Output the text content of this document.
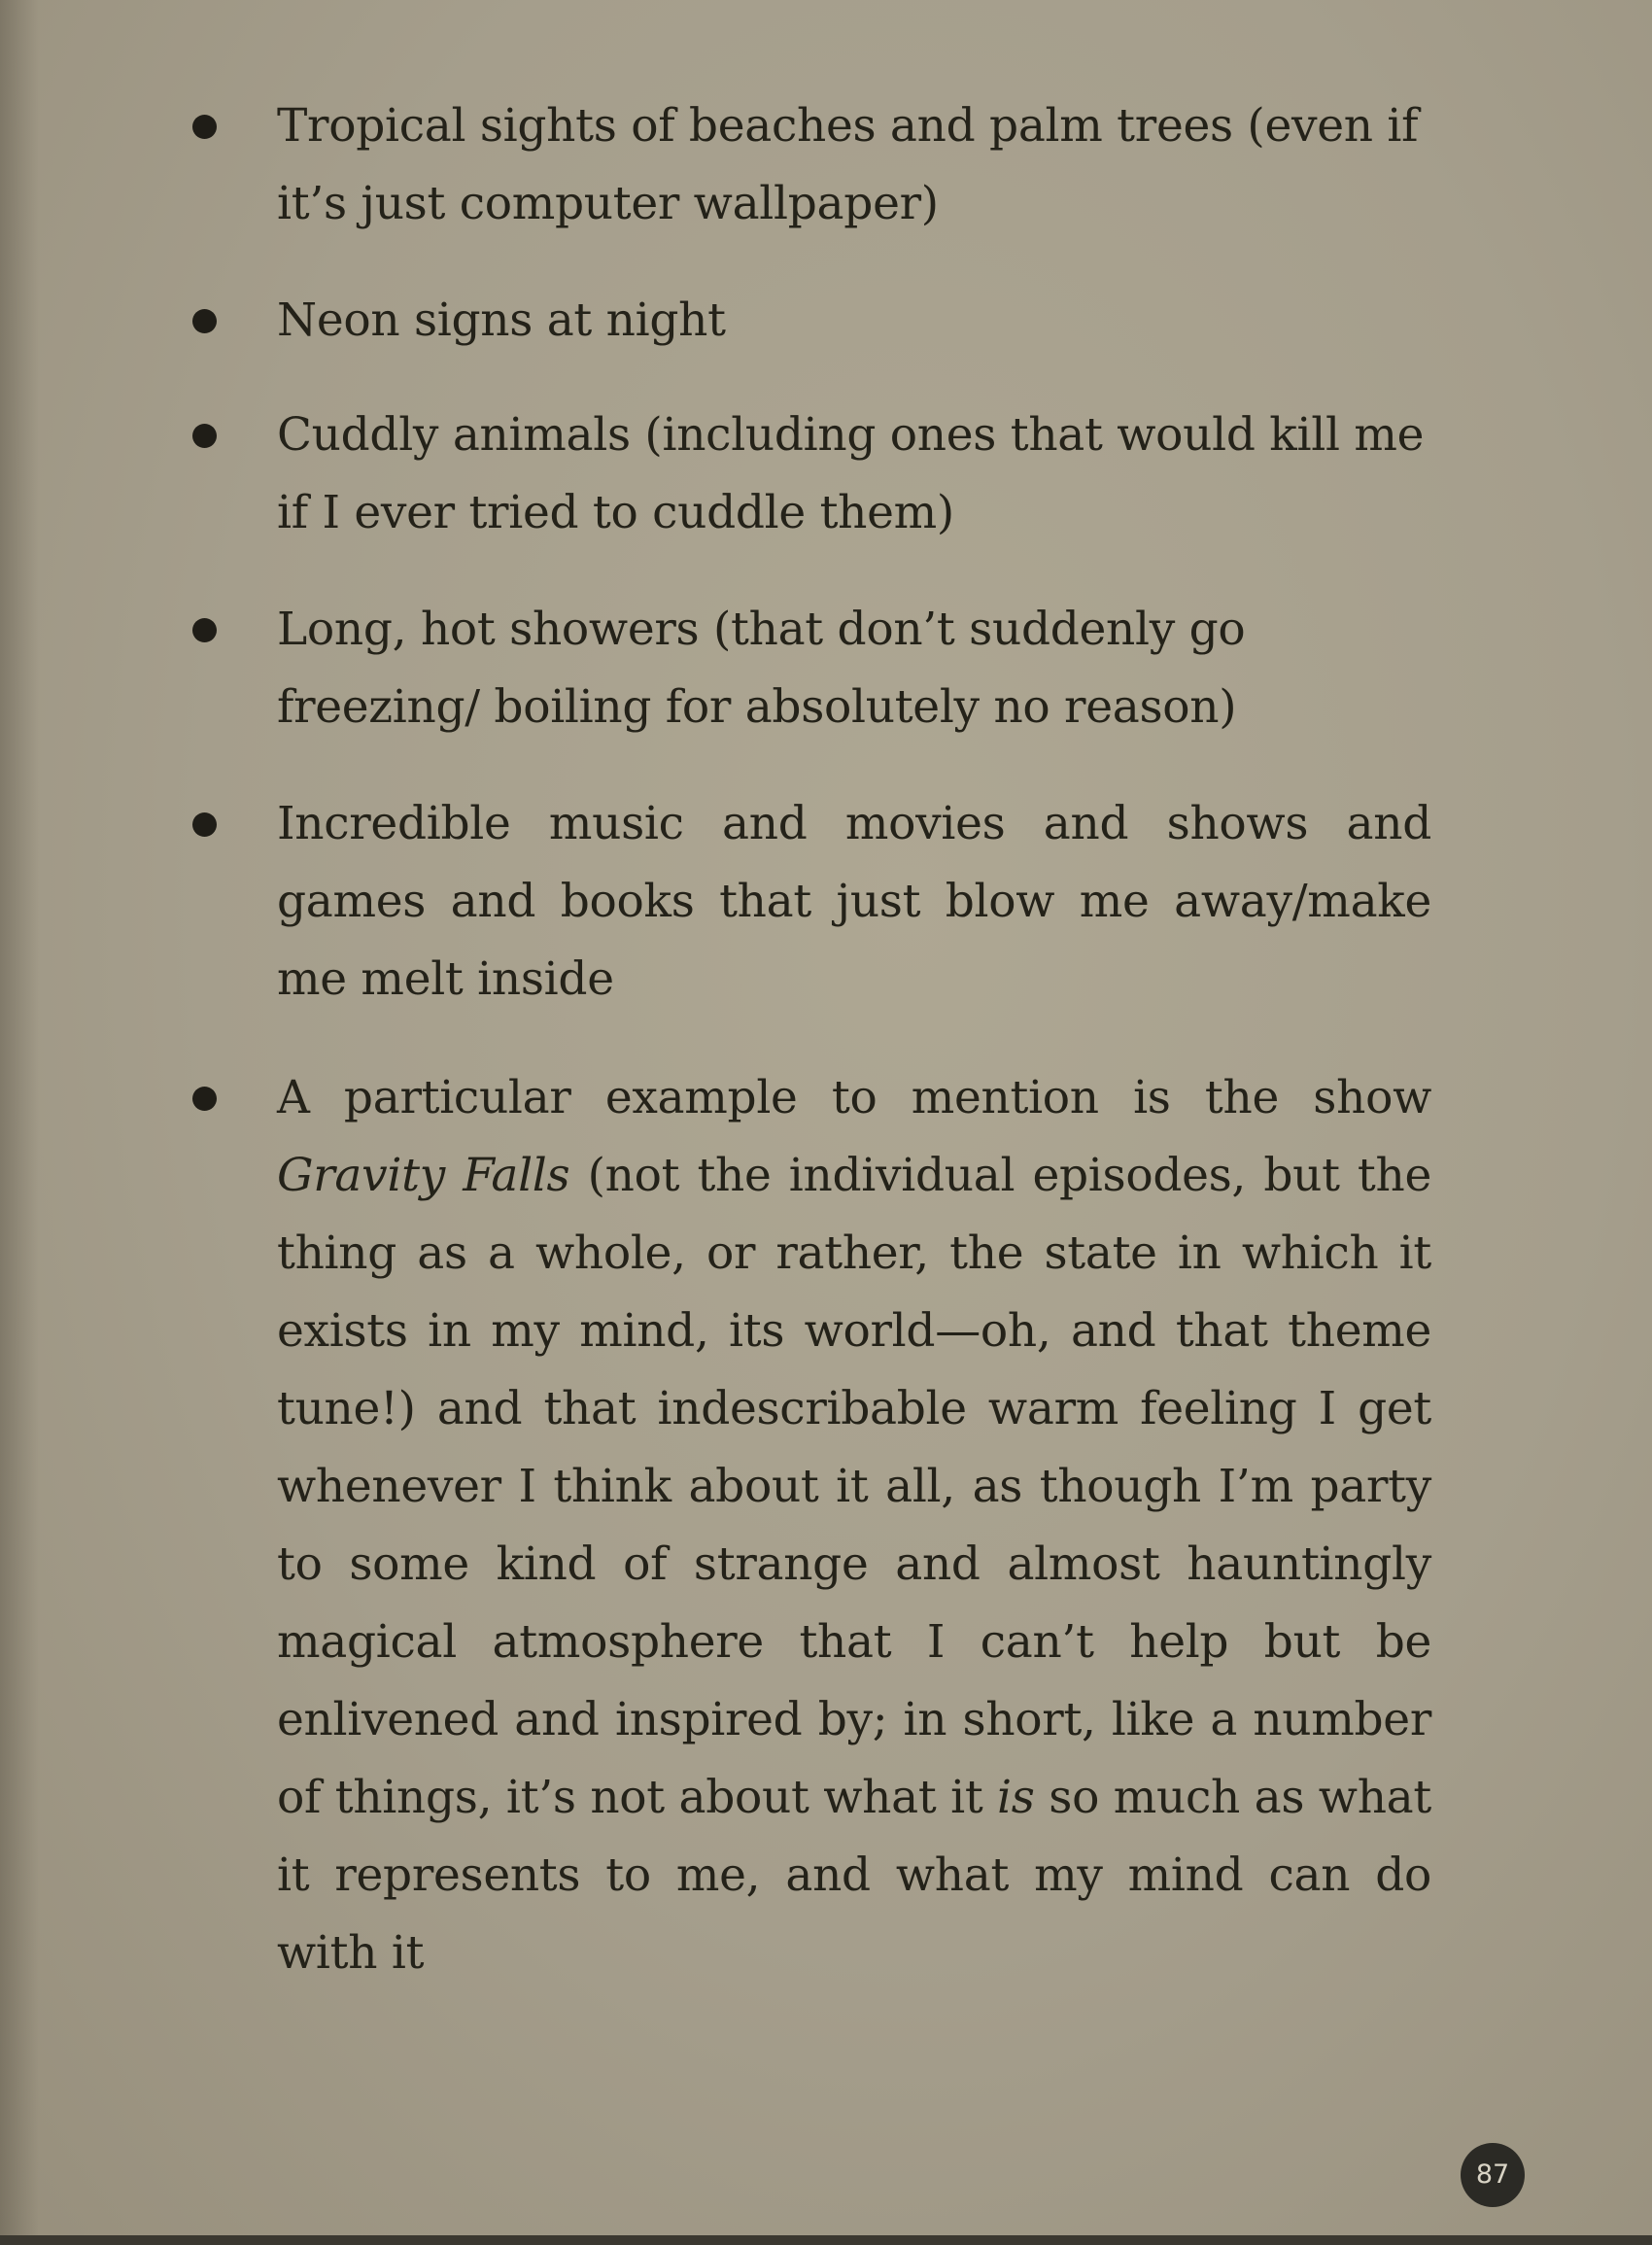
Tropical sights of beaches and palm trees (even if it’s just computer wallpaper)
Neon signs at night
Cuddly animals (including ones that would kill me if I ever tried to cuddle them)
Long, hot showers (that don’t suddenly go freezing/ boiling for absolutely no reason)
Incredible music and movies and shows and games and books that just blow me away/make me melt inside
A particular example to mention is the show Gravity Falls (not the individual episodes, but the thing as a whole, or rather, the state in which it exists in my mind, its world—oh, and that theme tune!) and that indescribable warm feeling I get whenever I think about it all, as though I’m party to some kind of strange and almost hauntingly magical atmosphere that I can’t help but be enlivened and inspired by; in short, like a number of things, it’s not about what it is so much as what it represents to me, and what my mind can do with it
87
